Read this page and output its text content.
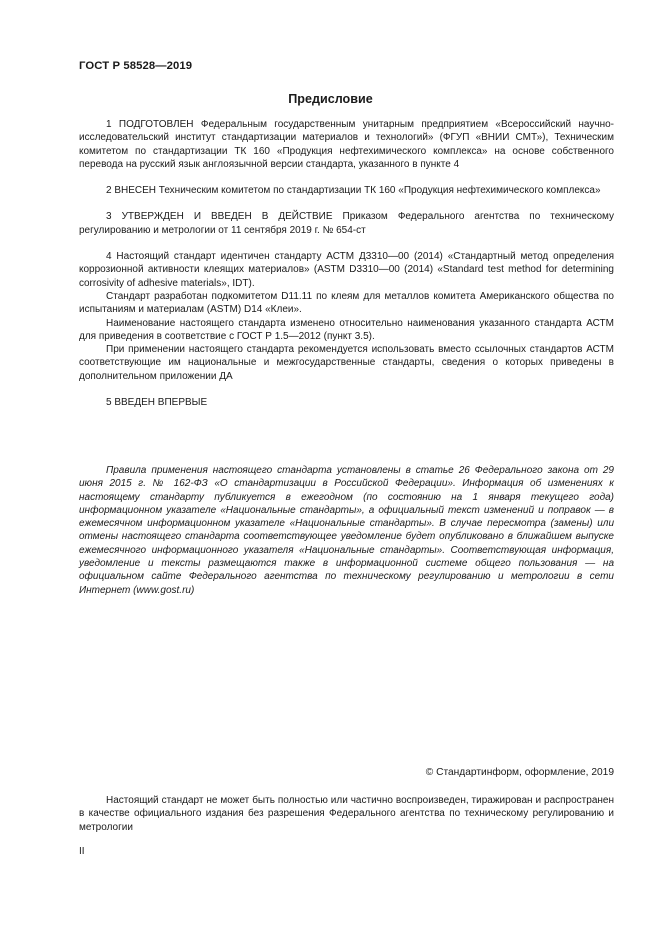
ГОСТ Р 58528—2019
Предисловие

1 ПОДГОТОВЛЕН Федеральным государственным унитарным предприятием «Всероссийский научно-исследовательский институт стандартизации материалов и технологий» (ФГУП «ВНИИ СМТ»), Техническим комитетом по стандартизации ТК 160 «Продукция нефтехимического комплекса» на основе собственного перевода на русский язык англоязычной версии стандарта, указанного в пункте 4

2 ВНЕСЕН Техническим комитетом по стандартизации ТК 160 «Продукция нефтехимического комплекса»

3 УТВЕРЖДЕН И ВВЕДЕН В ДЕЙСТВИЕ Приказом Федерального агентства по техническому регулированию и метрологии от 11 сентября 2019 г. № 654-ст

4 Настоящий стандарт идентичен стандарту АСТМ Д3310—00 (2014) «Стандартный метод определения коррозионной активности клеящих материалов» (ASTM D3310—00 (2014) «Standard test method for determining corrosivity of adhesive materials», IDT).

Стандарт разработан подкомитетом D11.11 по клеям для металлов комитета Американского общества по испытаниям и материалам (ASTM) D14 «Клеи».

Наименование настоящего стандарта изменено относительно наименования указанного стандарта АСТМ для приведения в соответствие с ГОСТ Р 1.5—2012 (пункт 3.5).

При применении настоящего стандарта рекомендуется использовать вместо ссылочных стандартов АСТМ соответствующие им национальные и межгосударственные стандарты, сведения о которых приведены в дополнительном приложении ДА

5 ВВЕДЕН ВПЕРВЫЕ

Правила применения настоящего стандарта установлены в статье 26 Федерального закона от 29 июня 2015 г. № 162-ФЗ «О стандартизации в Российской Федерации». Информация об изменениях к настоящему стандарту публикуется в ежегодном (по состоянию на 1 января текущего года) информационном указателе «Национальные стандарты», а официальный текст изменений и поправок — в ежемесячном информационном указателе «Национальные стандарты». В случае пересмотра (замены) или отмены настоящего стандарта соответствующее уведомление будет опубликовано в ближайшем выпуске ежемесячного информационного указателя «Национальные стандарты». Соответствующая информация, уведомление и тексты размещаются также в информационной системе общего пользования — на официальном сайте Федерального агентства по техническому регулированию и метрологии в сети Интернет (www.gost.ru)
© Стандартинформ, оформление, 2019
Настоящий стандарт не может быть полностью или частично воспроизведен, тиражирован и распространен в качестве официального издания без разрешения Федерального агентства по техническому регулированию и метрологии
II
